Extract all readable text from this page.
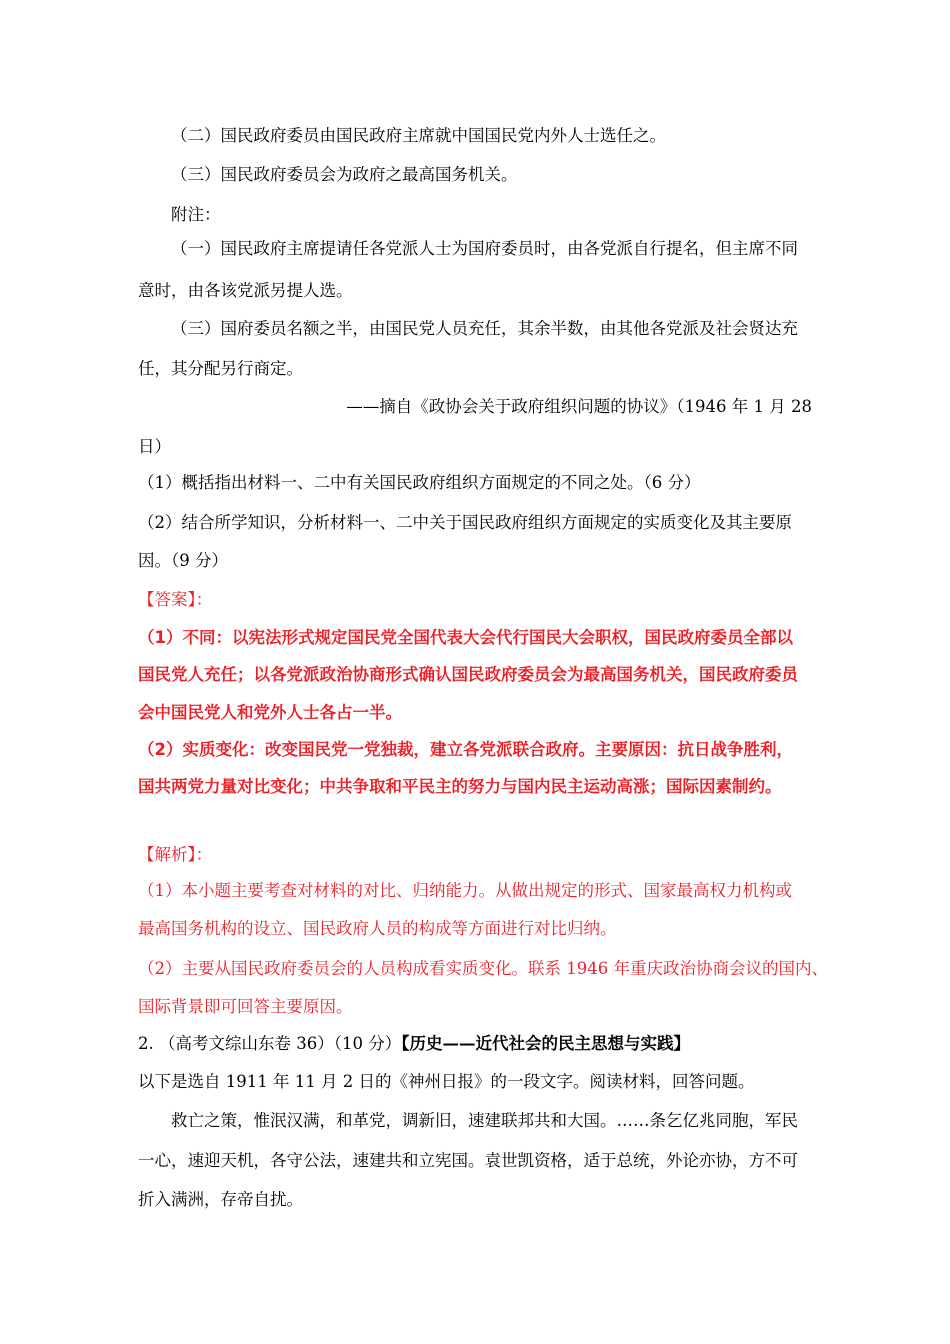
（二）国民政府委员由国民政府主席就中国国民党内外人士选任之。
（三）国民政府委员会为政府之最高国务机关。
附注：
（一）国民政府主席提请任各党派人士为国府委员时，由各党派自行提名，但主席不同
意时，由各该党派另提人选。
（三）国府委员名额之半，由国民党人员充任，其余半数，由其他各党派及社会贤达充
任，其分配另行商定。
——摘自《政协会关于政府组织问题的协议》（1946 年 1 月 28
日）
（1）概括指出材料一、二中有关国民政府组织方面规定的不同之处。（6 分）
（2）结合所学知识，分析材料一、二中关于国民政府组织方面规定的实质变化及其主要原
因。（9 分）
【答案】：
（1）不同：以宪法形式规定国民党全国代表大会代行国民大会职权，国民政府委员全部以
国民党人充任；以各党派政治协商形式确认国民政府委员会为最高国务机关，国民政府委员
会中国民党人和党外人士各占一半。
（2）实质变化：改变国民党一党独裁，建立各党派联合政府。主要原因：抗日战争胜利，
国共两党力量对比变化；中共争取和平民主的努力与国内民主运动高涨；国际因素制约。
【解析】：
（1）本小题主要考查对材料的对比、归纳能力。从做出规定的形式、国家最高权力机构或
最高国务机构的设立、国民政府人员的构成等方面进行对比归纳。
（2）主要从国民政府委员会的人员构成看实质变化。联系 1946 年重庆政治协商会议的国内、
国际背景即可回答主要原因。
2. （高考文综山东卷 36）（10 分）【历史——近代社会的民主思想与实践】
以下是选自 1911 年 11 月 2 日的《神州日报》的一段文字。阅读材料，回答问题。
救亡之策，惟泯汉满，和革党，调新旧，速建联邦共和大国。……条乞亿兆同胞，军民
一心，速迎天机，各守公法，速建共和立宪国。袁世凯资格，适于总统，外论亦协，方不可
折入满洲，存帝自扰。
